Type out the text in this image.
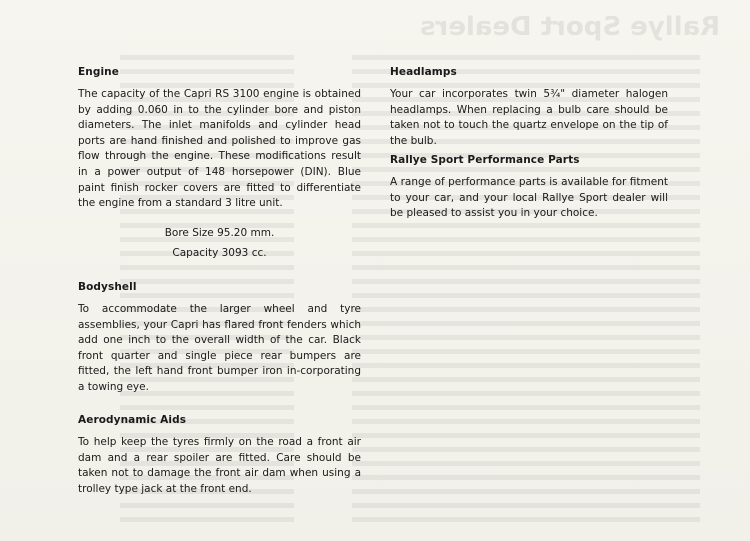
Rallye Sport Dealers
Engine

The capacity of the Capri RS 3100 engine is obtained by adding 0.060 in to the cylinder bore and piston diameters. The inlet manifolds and cylinder head ports are hand finished and polished to improve gas flow through the engine. These modifications result in a power output of 148 horsepower (DIN). Blue paint finish rocker covers are fitted to differentiate the engine from a standard 3 litre unit.

Bore Size 95.20 mm.
Capacity 3093 cc.
Bodyshell

To accommodate the larger wheel and tyre assemblies, your Capri has flared front fenders which add one inch to the overall width of the car. Black front quarter and single piece rear bumpers are fitted, the left hand front bumper iron in-corporating a towing eye.

Aerodynamic Aids

To help keep the tyres firmly on the road a front air dam and a rear spoiler are fitted. Care should be taken not to damage the front air dam when using a trolley type jack at the front end.

Headlamps

Your car incorporates twin 5¾" diameter halogen headlamps. When replacing a bulb care should be taken not to touch the quartz envelope on the tip of the bulb.

Rallye Sport Performance Parts

A range of performance parts is available for fitment to your car, and your local Rallye Sport dealer will be pleased to assist you in your choice.
